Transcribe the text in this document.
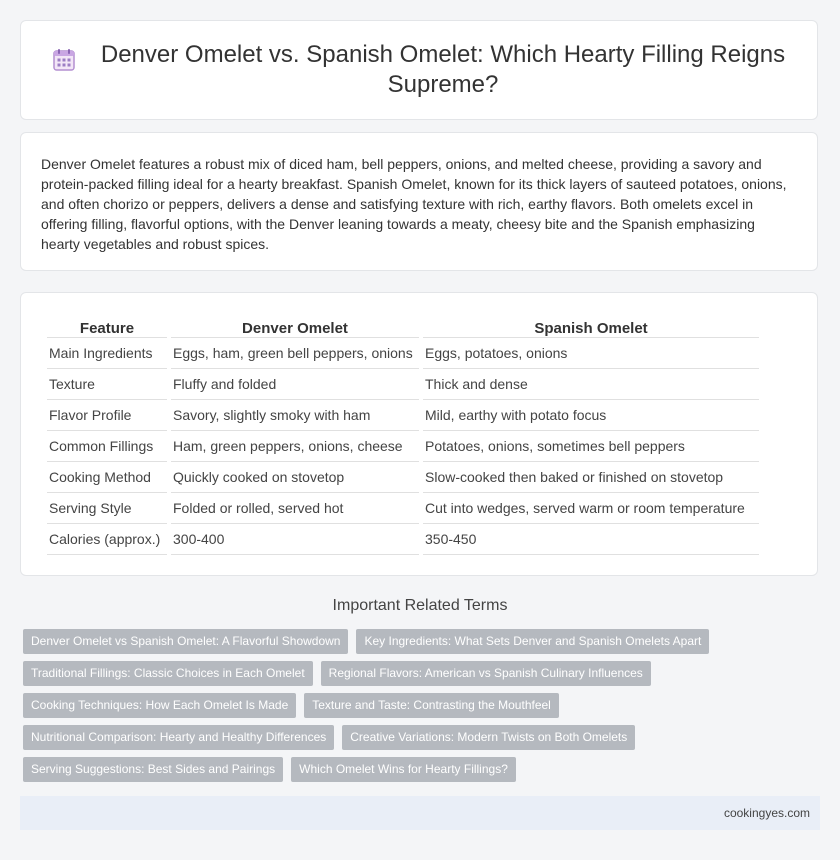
Denver Omelet vs. Spanish Omelet: Which Hearty Filling Reigns Supreme?

Denver Omelet features a robust mix of diced ham, bell peppers, onions, and melted cheese, providing a savory and protein-packed filling ideal for a hearty breakfast. Spanish Omelet, known for its thick layers of sauteed potatoes, onions, and often chorizo or peppers, delivers a dense and satisfying texture with rich, earthy flavors. Both omelets excel in offering filling, flavorful options, with the Denver leaning towards a meaty, cheesy bite and the Spanish emphasizing hearty vegetables and robust spices.

Feature	Denver Omelet	Spanish Omelet
Main Ingredients	Eggs, ham, green bell peppers, onions	Eggs, potatoes, onions
Texture	Fluffy and folded	Thick and dense
Flavor Profile	Savory, slightly smoky with ham	Mild, earthy with potato focus
Common Fillings	Ham, green peppers, onions, cheese	Potatoes, onions, sometimes bell peppers
Cooking Method	Quickly cooked on stovetop	Slow-cooked then baked or finished on stovetop
Serving Style	Folded or rolled, served hot	Cut into wedges, served warm or room temperature
Calories (approx.)	300-400	350-450
Important Related Terms
Denver Omelet vs Spanish Omelet: A Flavorful Showdown	Key Ingredients: What Sets Denver and Spanish Omelets Apart
Traditional Fillings: Classic Choices in Each Omelet	Regional Flavors: American vs Spanish Culinary Influences
Cooking Techniques: How Each Omelet Is Made	Texture and Taste: Contrasting the Mouthfeel
Nutritional Comparison: Hearty and Healthy Differences	Creative Variations: Modern Twists on Both Omelets
Serving Suggestions: Best Sides and Pairings	Which Omelet Wins for Hearty Fillings?
cookingyes.com
